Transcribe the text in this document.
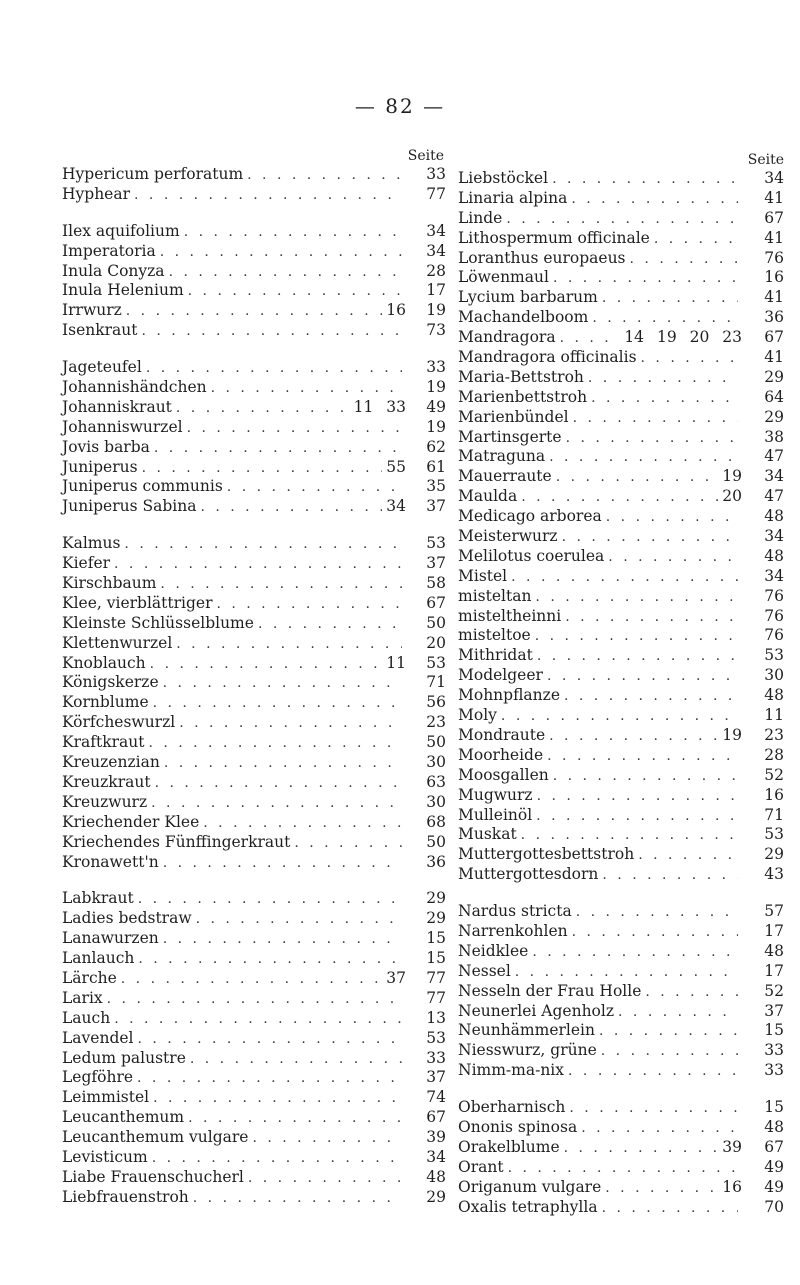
— 82 —
Seite
Hypericum perforatum . . .	33
Hyphear . . .	77
Ilex aquifolium . . .	34
Imperatoria . . .	34
Inula Conyza . . .	28
Inula Helenium . . .	17
Irrwurz . . .	16	19
Isenkraut . . .	73
Jageteufel . . .	33
Johannishändchen . . .	19
Johanniskraut . . .	11 33	49
Johanniswurzel . . .	19
Jovis barba . . .	62
Juniperus . . .	55	61
Juniperus communis . . .	35
Juniperus Sabina . . .	34	37
Kalmus . . .	53
Kiefer . . .	37
Kirschbaum . . .	58
Klee, vierblättriger . . .	67
Kleinste Schlüsselblume . . .	50
Klettenwurzel . . .	20
Knoblauch . . .	11	53
Königskerze . . .	71
Kornblume . . .	56
Körfcheswurzl . . .	23
Kraftkraut . . .	50
Kreuzenzian . . .	30
Kreuzkraut . . .	63
Kreuzwurz . . .	30
Kriechender Klee . . .	68
Kriechendes Fünffingerkraut . . .	50
Kronawett'n . . .	36
Labkraut . . .	29
Ladies bedstraw . . .	29
Lanawurzen . . .	15
Lanlauch . . .	15
Lärche . . .	37	77
Larix . . .	77
Lauch . . .	13
Lavendel . . .	53
Ledum palustre . . .	33
Legföhre . . .	37
Leimmistel . . .	74
Leucanthemum . . .	67
Leucanthemum vulgare . . .	39
Levisticum . . .	34
Liabe Frauenschucherl . . .	48
Liebfrauenstroh . . .	29
Seite
Liebstöckel . . .	34
Linaria alpina . . .	41
Linde . . .	67
Lithospermum officinale . . .	41
Loranthus europaeus . . .	76
Löwenmaul . . .	16
Lycium barbarum . . .	41
Machandelboom . . .	36
Mandragora . . .	14 19 20 23	67
Mandragora officinalis . . .	41
Maria-Bettstroh . . .	29
Marienbettstroh . . .	64
Marienbündel . . .	29
Martinsgerte . . .	38
Matraguna . . .	47
Mauerraute . . .	19	34
Maulda . . .	20	47
Medicago arborea . . .	48
Meisterwurz . . .	34
Melilotus coerulea . . .	48
Mistel . . .	34
misteltan . . .	76
misteltheinni . . .	76
misteltoe . . .	76
Mithridat . . .	53
Modelgeer . . .	30
Mohnpflanze . . .	48
Moly . . .	11
Mondraute . . .	19	23
Moorheide . . .	28
Moosgallen . . .	52
Mugwurz . . .	16
Mulleinöl . . .	71
Muskat . . .	53
Muttergottesbettstroh . . .	29
Muttergottesdorn . . .	43
Nardus stricta . . .	57
Narrenkohlen . . .	17
Neidklee . . .	48
Nessel . . .	17
Nesseln der Frau Holle . . .	52
Neunerlei Agenholz . . .	37
Neunhämmerlein . . .	15
Niesswurz, grüne . . .	33
Nimm-ma-nix . . .	33
Oberharnisch . . .	15
Ononis spinosa . . .	48
Orakelblume . . .	39	67
Orant . . .	49
Origanum vulgare . . .	16	49
Oxalis tetraphylla . . .	70
